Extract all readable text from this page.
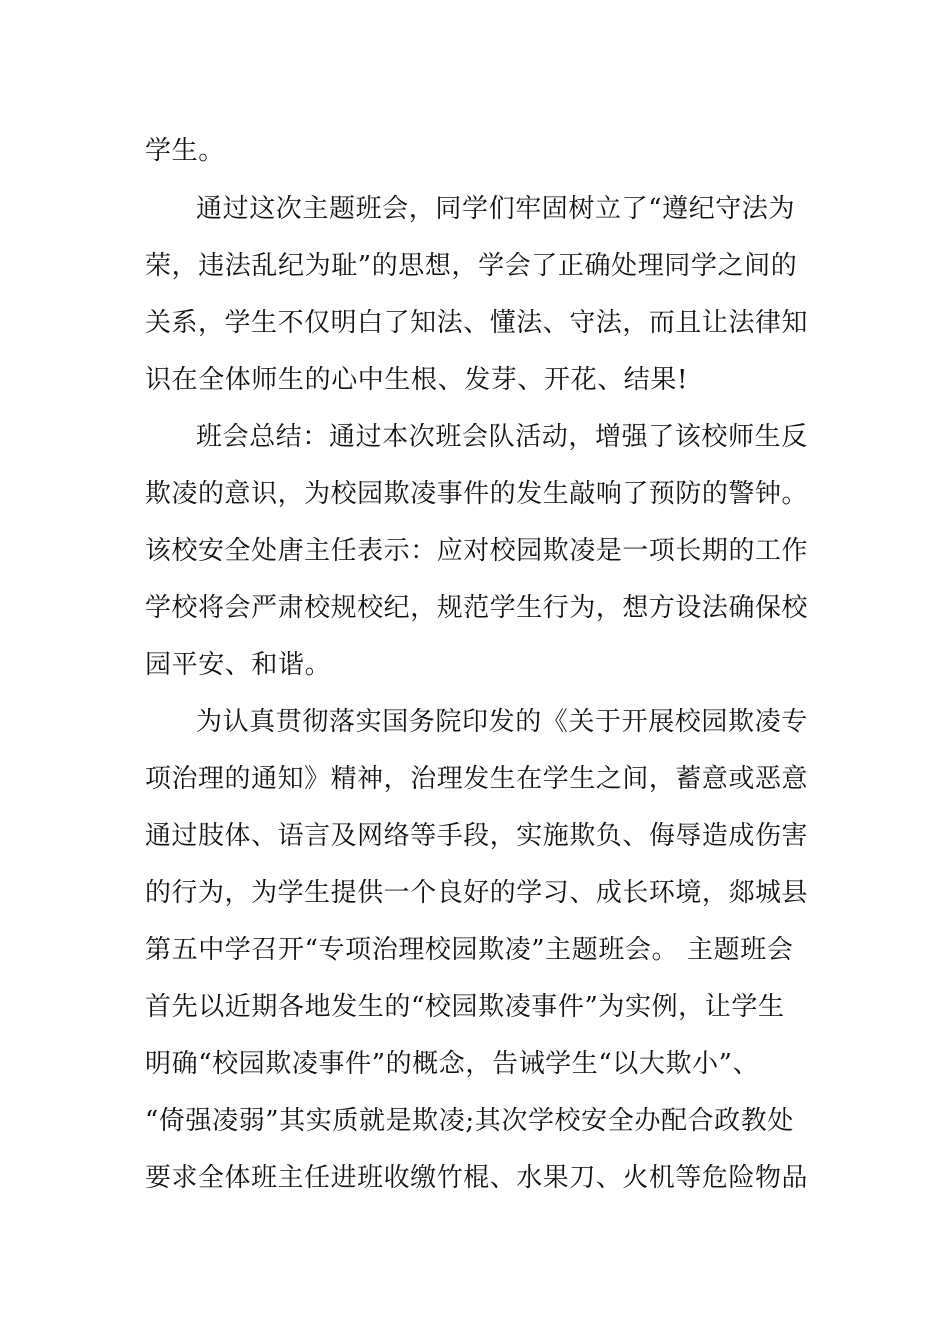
学生。
通过这次主题班会，同学们牢固树立了“遵纪守法为
荣，违法乱纪为耻”的思想，学会了正确处理同学之间的
关系，学生不仅明白了知法、懂法、守法，而且让法律知
识在全体师生的心中生根、发芽、开花、结果!
班会总结：通过本次班会队活动，增强了该校师生反
欺凌的意识，为校园欺凌事件的发生敲响了预防的警钟。
该校安全处唐主任表示：应对校园欺凌是一项长期的工作
学校将会严肃校规校纪，规范学生行为，想方设法确保校
园平安、和谐。
为认真贯彻落实国务院印发的《关于开展校园欺凌专
项治理的通知》精神，治理发生在学生之间，蓄意或恶意
通过肢体、语言及网络等手段，实施欺负、侮辱造成伤害
的行为，为学生提供一个良好的学习、成长环境，郯城县
第五中学召开“专项治理校园欺凌”主题班会。 主题班会
首先以近期各地发生的“校园欺凌事件”为实例，让学生
明确“校园欺凌事件”的概念，告诫学生“以大欺小”、
“倚强凌弱”其实质就是欺凌;其次学校安全办配合政教处
要求全体班主任进班收缴竹棍、水果刀、火机等危险物品
